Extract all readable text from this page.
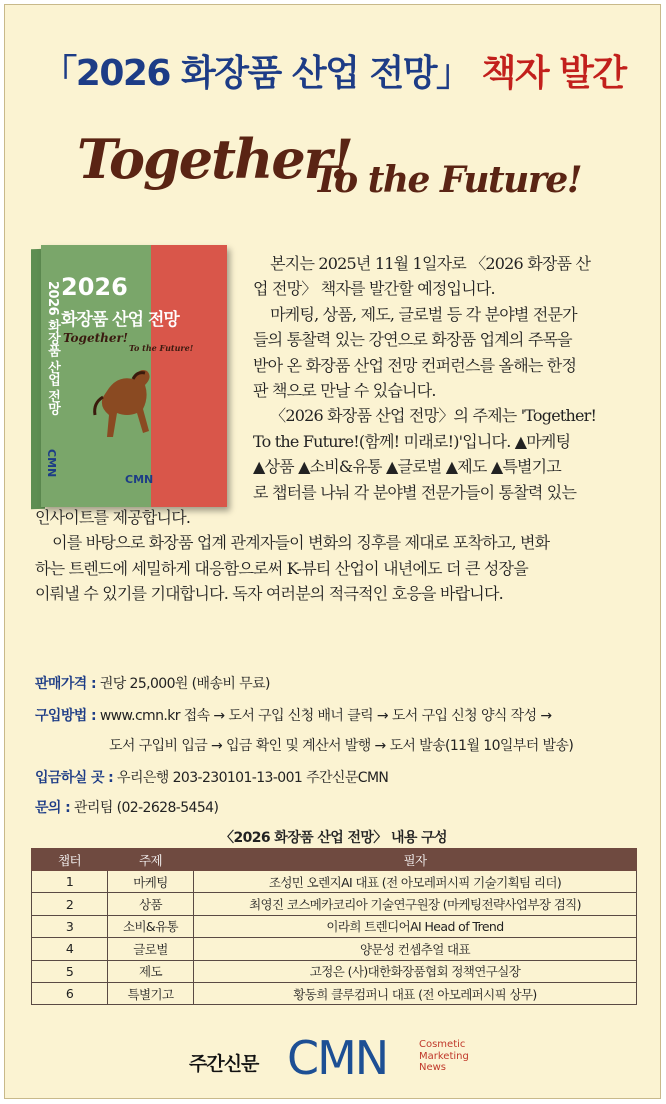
「2026 화장품 산업 전망」 책자 발간
Together!
To the Future!
2026 화장품 산업 전망
CMN
2026
화장품 산업 전망
Together!
To the Future!
CMN
본지는 2025년 11월 1일자로 〈2026 화장품 산
업 전망〉 책자를 발간할 예정입니다.
마케팅, 상품, 제도, 글로벌 등 각 분야별 전문가
들의 통찰력 있는 강연으로 화장품 업계의 주목을
받아 온 화장품 산업 전망 컨퍼런스를 올해는 한정
판 책으로 만날 수 있습니다.
〈2026 화장품 산업 전망〉의 주제는 'Together!
To the Future!(함께! 미래로!)'입니다. ▲마케팅
▲상품 ▲소비&유통 ▲글로벌 ▲제도 ▲특별기고
로 챕터를 나눠 각 분야별 전문가들이 통찰력 있는
인사이트를 제공합니다.
이를 바탕으로 화장품 업계 관계자들이 변화의 징후를 제대로 포착하고, 변화
하는 트렌드에 세밀하게 대응함으로써 K-뷰티 산업이 내년에도 더 큰 성장을
이뤄낼 수 있기를 기대합니다. 독자 여러분의 적극적인 호응을 바랍니다.
판매가격 : 권당 25,000원 (배송비 무료)
구입방법 : www.cmn.kr 접속 → 도서 구입 신청 배너 클릭 → 도서 구입 신청 양식 작성 →
도서 구입비 입금 → 입금 확인 및 계산서 발행 → 도서 발송(11월 10일부터 발송)
입금하실 곳 : 우리은행 203-230101-13-001 주간신문CMN
문의 : 관리팀 (02-2628-5454)
〈2026 화장품 산업 전망〉 내용 구성
챕터	주제	필자
1	마케팅	조성민 오렌지AI 대표 (전 아모레퍼시픽 기술기획팀 리더)
2	상품	최영진 코스메카코리아 기술연구원장 (마케팅전략사업부장 겸직)
3	소비&유통	이라희 트렌디어AI Head of Trend
4	글로벌	양문성 컨셉추얼 대표
5	제도	고정은 (사)대한화장품협회 정책연구실장
6	특별기고	황동희 클루컴퍼니 대표 (전 아모레퍼시픽 상무)
주간신문 CMN	Cosmetic
Marketing
News
